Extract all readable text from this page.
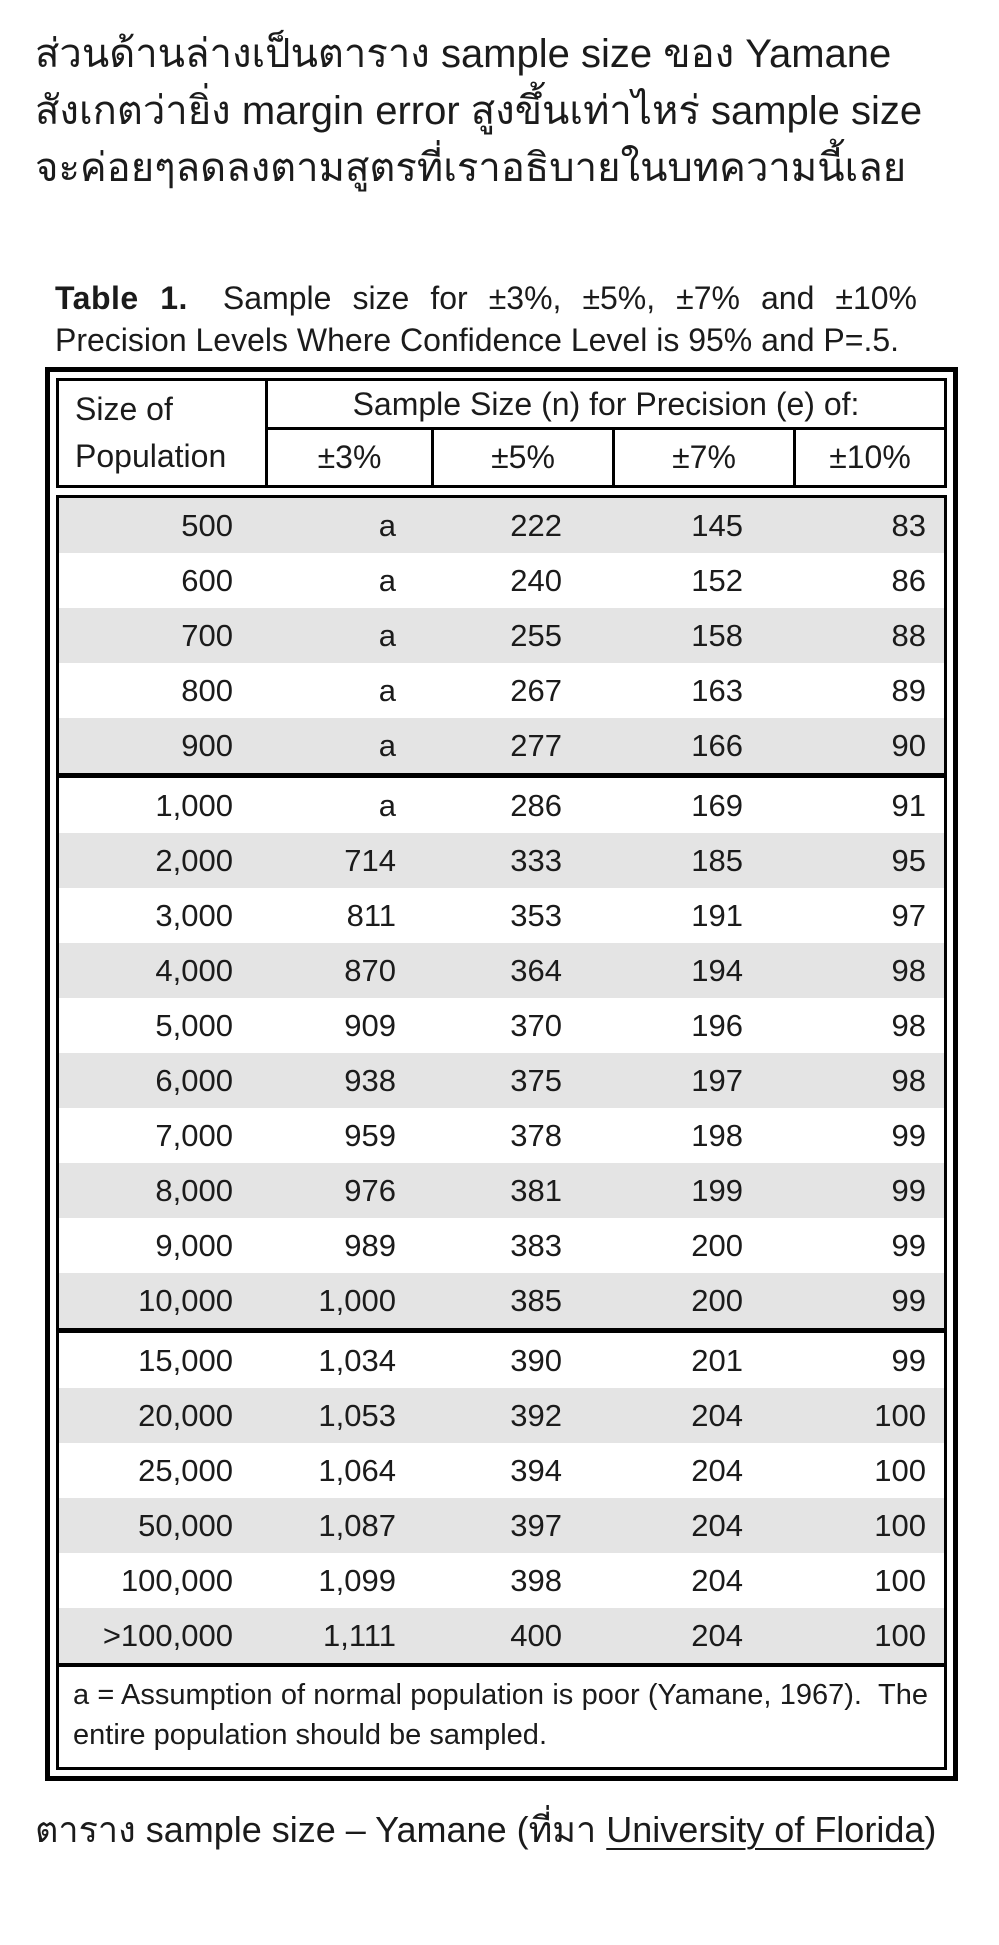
ส่วนด้านล่างเป็นตาราง sample size ของ Yamane
สังเกตว่ายิ่ง margin error สูงขึ้นเท่าไหร่ sample size
จะค่อยๆลดลงตามสูตรที่เราอธิบายในบทความนี้เลย

Table 1. Sample size for ±3%, ±5%, ±7% and ±10% Precision Levels Where Confidence Level is 95% and P=.5.

Size of
Population
Sample Size (n) for Precision (e) of:
±3%	±5%	±7%	±10%
500	a	222	145	83
600	a	240	152	86
700	a	255	158	88
800	a	267	163	89
900	a	277	166	90
1,000	a	286	169	91
2,000	714	333	185	95
3,000	811	353	191	97
4,000	870	364	194	98
5,000	909	370	196	98
6,000	938	375	197	98
7,000	959	378	198	99
8,000	976	381	199	99
9,000	989	383	200	99
10,000	1,000	385	200	99
15,000	1,034	390	201	99
20,000	1,053	392	204	100
25,000	1,064	394	204	100
50,000	1,087	397	204	100
100,000	1,099	398	204	100
>100,000	1,111	400	204	100
a = Assumption of normal population is poor (Yamane, 1967).  The entire population should be sampled.

ตาราง sample size – Yamane (ที่มา University of Florida)
